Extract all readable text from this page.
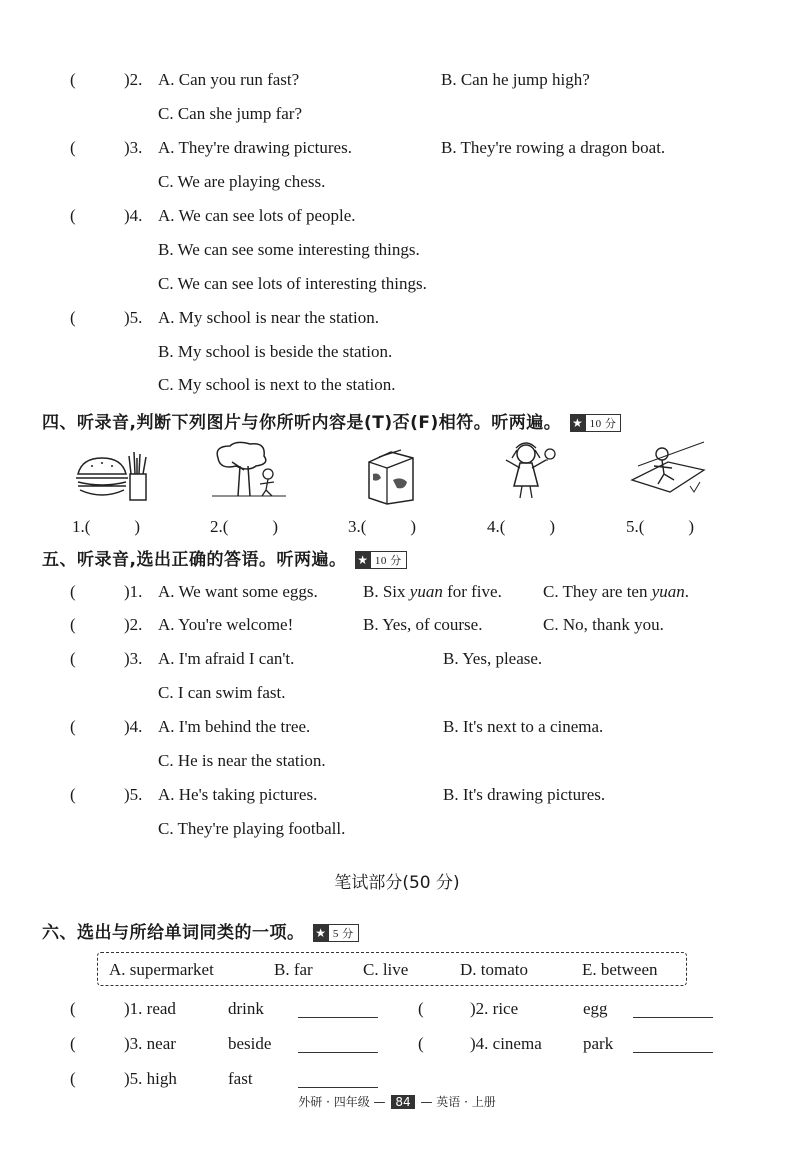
(	)2. A. Can you run fast?	B. Can he jump high?
C. Can she jump far?
(	)3. A. They're drawing pictures.	B. They're rowing a dragon boat.
C. We are playing chess.
(	)4. A. We can see lots of people.
B. We can see some interesting things.
C. We can see lots of interesting things.
(	)5. A. My school is near the station.
B. My school is beside the station.
C. My school is next to the station.
四、听录音,判断下列图片与你所听内容是(T)否(F)相符。听两遍。 ★ 10 分
1.(	)	2.(	)	3.(	)	4.(	)	5.(	)
五、听录音,选出正确的答语。听两遍。 ★ 10 分
(	)1. A. We want some eggs.	B. Six yuan for five. C. They are ten yuan.
(	)2. A. You're welcome!	B. Yes, of course.	C. No, thank you.
(	)3. A. I'm afraid I can't.	B. Yes, please.
C. I can swim fast.
(	)4. A. I'm behind the tree.	B. It's next to a cinema.
C. He is near the station.
(	)5. A. He's taking pictures.	B. It's drawing pictures.
C. They're playing football.
笔试部分(50 分)
六、选出与所给单词同类的一项。 ★ 5 分
A. supermarket	B. far	C. live	D. tomato	E. between
(	)1. read	drink	(	)2. rice	egg
(	)3. near	beside	(	)4. cinema park
(	)5. high	fast
外研 · 四年级 — 84 — 英语 · 上册
